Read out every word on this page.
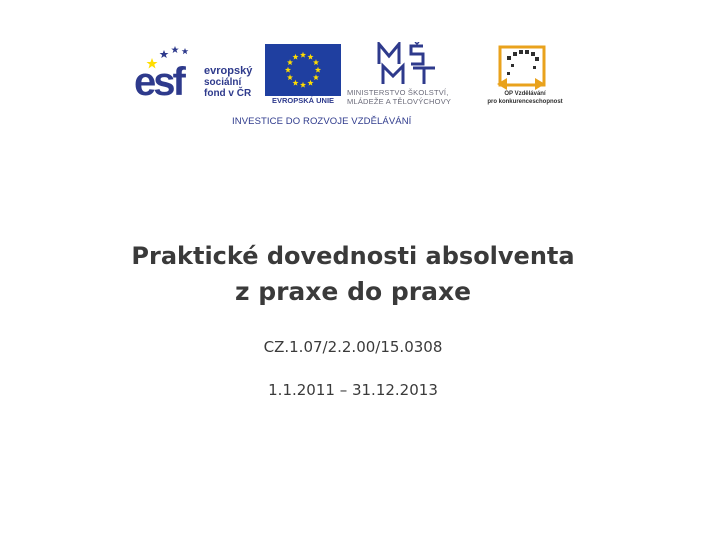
esf evropský
sociální
fond v ČR
EVROPSKÁ UNIE
MINISTERSTVO ŠKOLSTVÍ,
MLÁDEŽE A TĚLOVÝCHOVY
OP Vzdělávání
pro konkurenceschopnost
INVESTICE DO ROZVOJE VZDĚLÁVÁNÍ
Praktické dovednosti absolventa
z praxe do praxe
CZ.1.07/2.2.00/15.0308
1.1.2011 – 31.12.2013
